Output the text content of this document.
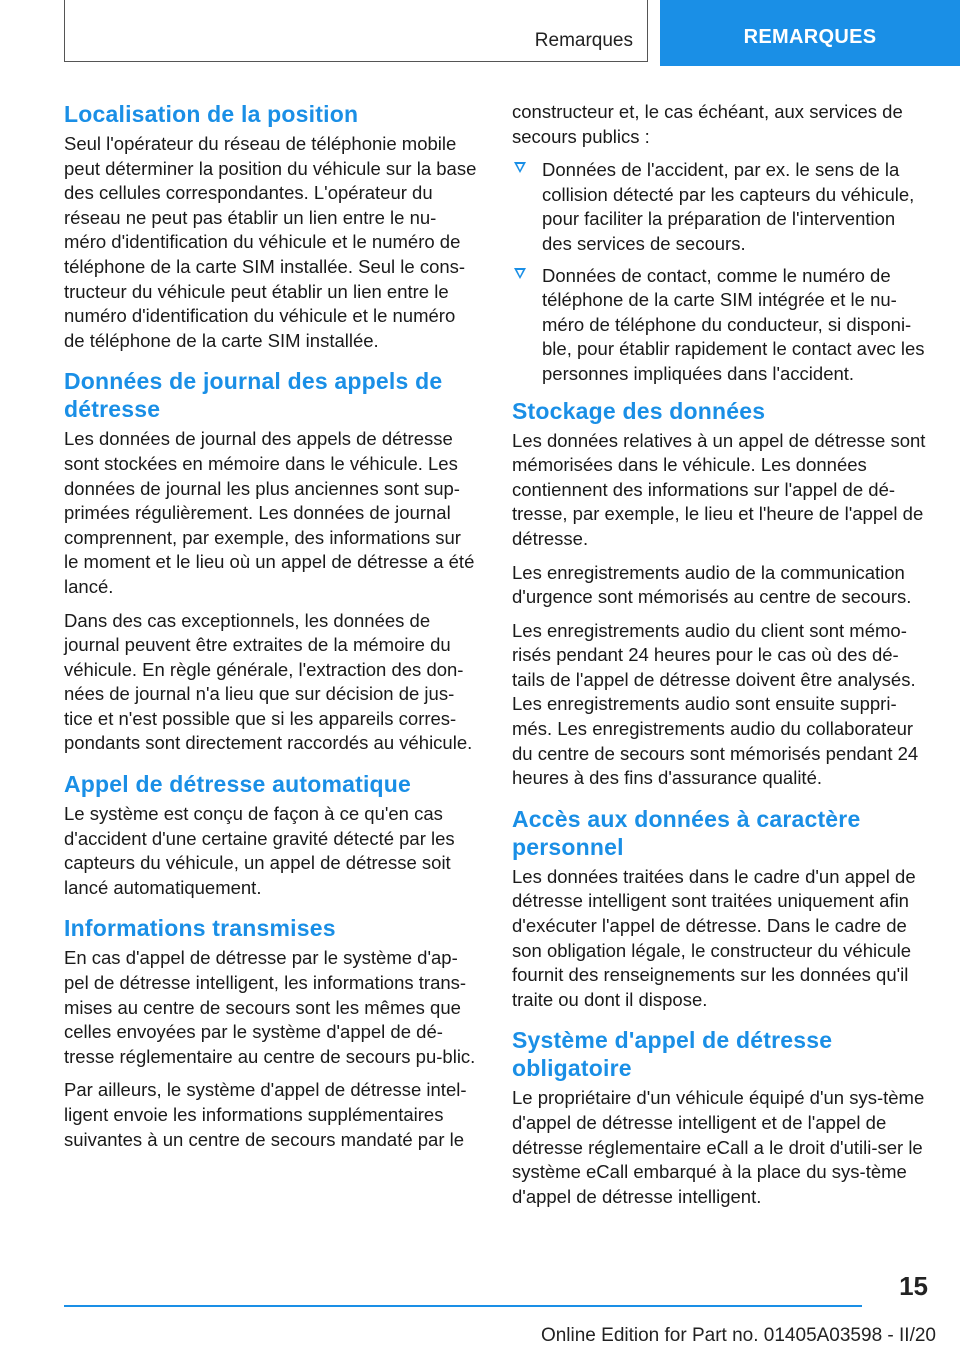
Remarques	REMARQUES
Localisation de la position

Seul l'opérateur du réseau de téléphonie mobile peut déterminer la position du véhicule sur la base des cellules correspondantes. L'opérateur du réseau ne peut pas établir un lien entre le nu-méro d'identification du véhicule et le numéro de téléphone de la carte SIM installée. Seul le cons-tructeur du véhicule peut établir un lien entre le numéro d'identification du véhicule et le numéro de téléphone de la carte SIM installée.

Données de journal des appels de détresse

Les données de journal des appels de détresse sont stockées en mémoire dans le véhicule. Les données de journal les plus anciennes sont sup-primées régulièrement. Les données de journal comprennent, par exemple, des informations sur le moment et le lieu où un appel de détresse a été lancé.

Dans des cas exceptionnels, les données de journal peuvent être extraites de la mémoire du véhicule. En règle générale, l'extraction des don-nées de journal n'a lieu que sur décision de jus-tice et n'est possible que si les appareils corres-pondants sont directement raccordés au véhicule.

Appel de détresse automatique

Le système est conçu de façon à ce qu'en cas d'accident d'une certaine gravité détecté par les capteurs du véhicule, un appel de détresse soit lancé automatiquement.

Informations transmises

En cas d'appel de détresse par le système d'ap-pel de détresse intelligent, les informations trans-mises au centre de secours sont les mêmes que celles envoyées par le système d'appel de dé-tresse réglementaire au centre de secours pu-blic.

Par ailleurs, le système d'appel de détresse intel-ligent envoie les informations supplémentaires suivantes à un centre de secours mandaté par le

constructeur et, le cas échéant, aux services de secours publics :

Données de l'accident, par ex. le sens de la collision détecté par les capteurs du véhicule, pour faciliter la préparation de l'intervention des services de secours.
Données de contact, comme le numéro de téléphone de la carte SIM intégrée et le nu-méro de téléphone du conducteur, si disponi-ble, pour établir rapidement le contact avec les personnes impliquées dans l'accident.
Stockage des données

Les données relatives à un appel de détresse sont mémorisées dans le véhicule. Les données contiennent des informations sur l'appel de dé-tresse, par exemple, le lieu et l'heure de l'appel de détresse.

Les enregistrements audio de la communication d'urgence sont mémorisés au centre de secours.

Les enregistrements audio du client sont mémo-risés pendant 24 heures pour le cas où des dé-tails de l'appel de détresse doivent être analysés. Les enregistrements audio sont ensuite suppri-més. Les enregistrements audio du collaborateur du centre de secours sont mémorisés pendant 24 heures à des fins d'assurance qualité.

Accès aux données à caractère personnel

Les données traitées dans le cadre d'un appel de détresse intelligent sont traitées uniquement afin d'exécuter l'appel de détresse. Dans le cadre de son obligation légale, le constructeur du véhicule fournit des renseignements sur les données qu'il traite ou dont il dispose.

Système d'appel de détresse obligatoire

Le propriétaire d'un véhicule équipé d'un sys-tème d'appel de détresse intelligent et de l'appel de détresse réglementaire eCall a le droit d'utili-ser le système eCall embarqué à la place du sys-tème d'appel de détresse intelligent.

15
Online Edition for Part no. 01405A03598 - II/20
